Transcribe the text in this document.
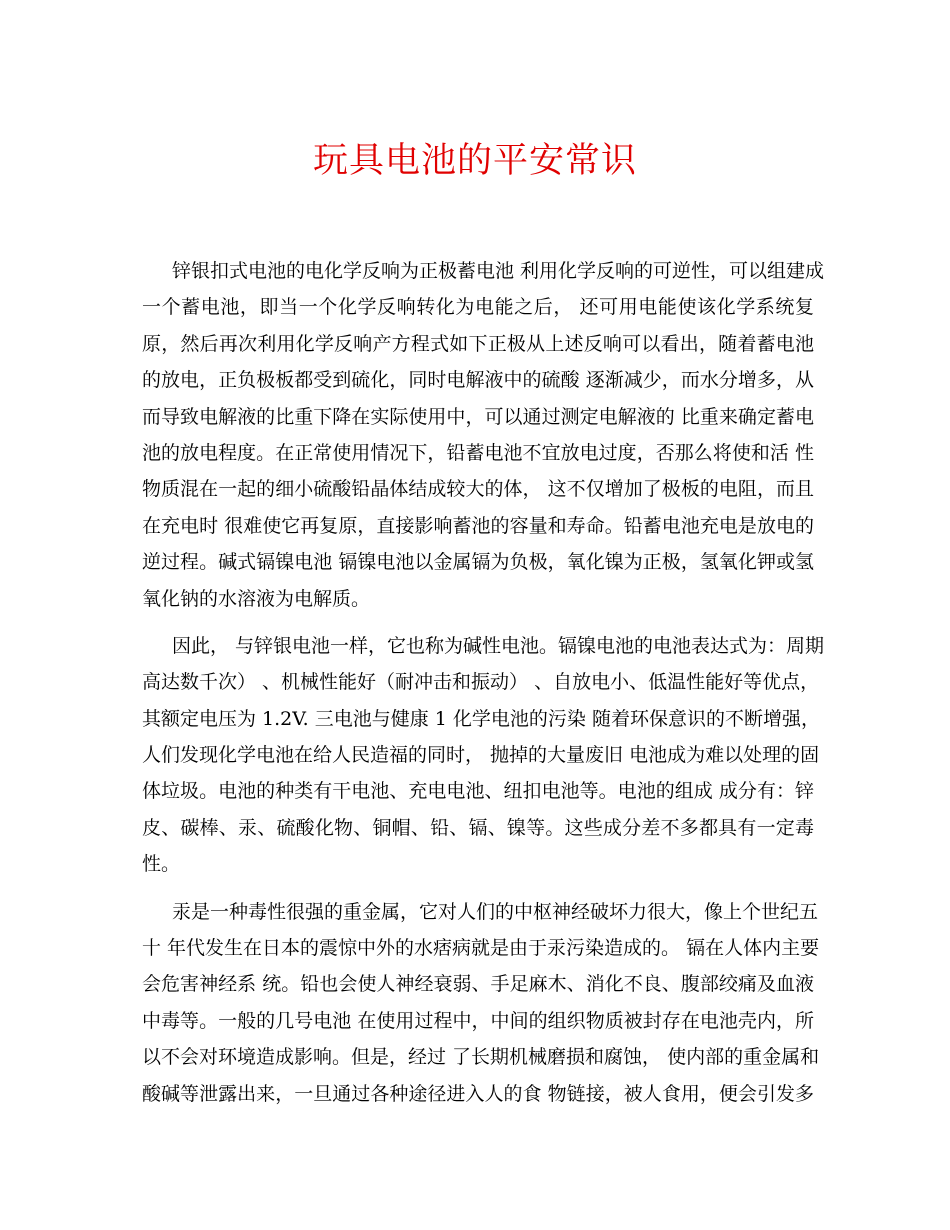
玩具电池的平安常识
锌银扣式电池的电化学反响为正极蓄电池 利用化学反响的可逆性，可以组建成
一个蓄电池，即当一个化学反响转化为电能之后， 还可用电能使该化学系统复
原，然后再次利用化学反响产方程式如下正极从上述反响可以看出，随着蓄电池
的放电，正负极板都受到硫化，同时电解液中的硫酸 逐渐减少，而水分增多，从
而导致电解液的比重下降在实际使用中，可以通过测定电解液的 比重来确定蓄电
池的放电程度。在正常使用情况下，铅蓄电池不宜放电过度，否那么将使和活 性
物质混在一起的细小硫酸铅晶体结成较大的体， 这不仅增加了极板的电阻，而且
在充电时 很难使它再复原，直接影响蓄池的容量和寿命。铅蓄电池充电是放电的
逆过程。碱式镉镍电池 镉镍电池以金属镉为负极，氧化镍为正极，氢氧化钾或氢
氧化钠的水溶液为电解质。
因此， 与锌银电池一样，它也称为碱性电池。镉镍电池的电池表达式为：周期
高达数千次） 、机械性能好（耐冲击和振动） 、自放电小、低温性能好等优点，
其额定电压为 1.2V. 三电池与健康 1 化学电池的污染 随着环保意识的不断增强，
人们发现化学电池在给人民造福的同时， 抛掉的大量废旧 电池成为难以处理的固
体垃圾。电池的种类有干电池、充电电池、纽扣电池等。电池的组成 成分有：锌
皮、碳棒、汞、硫酸化物、铜帽、铅、镉、镍等。这些成分差不多都具有一定毒
性。
汞是一种毒性很强的重金属，它对人们的中枢神经破坏力很大，像上个世纪五
十 年代发生在日本的震惊中外的水痞病就是由于汞污染造成的。 镉在人体内主要
会危害神经系 统。铅也会使人神经衰弱、手足麻木、消化不良、腹部绞痛及血液
中毒等。一般的几号电池 在使用过程中，中间的组织物质被封存在电池壳内，所
以不会对环境造成影响。但是，经过 了长期机械磨损和腐蚀， 使内部的重金属和
酸碱等泄露出来，一旦通过各种途径进入人的食 物链接，被人食用，便会引发多
